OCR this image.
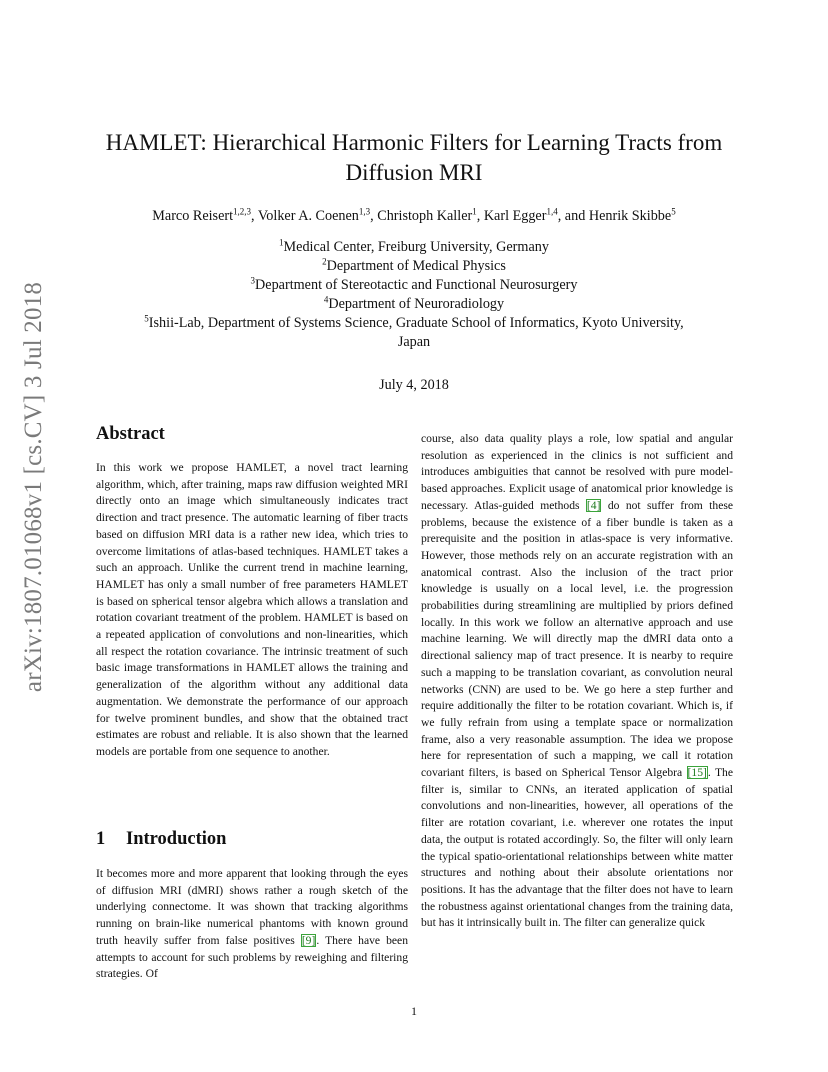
arXiv:1807.01068v1 [cs.CV] 3 Jul 2018
HAMLET: Hierarchical Harmonic Filters for Learning Tracts from
Diffusion MRI
Marco Reisert$^{1,2,3}$, Volker A. Coenen$^{1,3}$, Christoph Kaller$^1$, Karl Egger$^{1,4}$, and Henrik Skibbe$^5$
$^1$Medical Center, Freiburg University, Germany
$^2$Department of Medical Physics
$^3$Department of Stereotactic and Functional Neurosurgery
$^4$Department of Neuroradiology
$^5$Ishii-Lab, Department of Systems Science, Graduate School of Informatics, Kyoto University,
Japan
July 4, 2018
Abstract
In this work we propose HAMLET, a novel tract learning algorithm, which, after training, maps raw diffusion weighted MRI directly onto an image which simultaneously indicates tract direction and tract presence. The automatic learning of fiber tracts based on diffusion MRI data is a rather new idea, which tries to overcome limitations of atlas-based techniques. HAMLET takes a such an approach. Unlike the current trend in machine learning, HAMLET has only a small number of free parameters HAMLET is based on spherical tensor algebra which allows a translation and rotation covariant treatment of the problem. HAMLET is based on a repeated application of convolutions and non-linearities, which all respect the rotation covariance. The intrinsic treatment of such basic image transformations in HAMLET allows the training and generalization of the algorithm without any additional data augmentation. We demonstrate the performance of our approach for twelve prominent bundles, and show that the obtained tract estimates are robust and reliable. It is also shown that the learned models are portable from one sequence to another.
1 Introduction
It becomes more and more apparent that looking through the eyes of diffusion MRI (dMRI) shows rather a rough sketch of the underlying connectome. It was shown that tracking algorithms running on brain-like numerical phantoms with known ground truth heavily suffer from false positives [9]. There have been attempts to account for such problems by reweighing and filtering strategies. Of
course, also data quality plays a role, low spatial and angular resolution as experienced in the clinics is not sufficient and introduces ambiguities that cannot be resolved with pure model-based approaches. Explicit usage of anatomical prior knowledge is necessary. Atlas-guided methods [4] do not suffer from these problems, because the existence of a fiber bundle is taken as a prerequisite and the position in atlas-space is very informative. However, those methods rely on an accurate registration with an anatomical contrast. Also the inclusion of the tract prior knowledge is usually on a local level, i.e. the progression probabilities during streamlining are multiplied by priors defined locally. In this work we follow an alternative approach and use machine learning. We will directly map the dMRI data onto a directional saliency map of tract presence. It is nearby to require such a mapping to be translation covariant, as convolution neural networks (CNN) are used to be. We go here a step further and require additionally the filter to be rotation covariant. Which is, if we fully refrain from using a template space or normalization frame, also a very reasonable assumption. The idea we propose here for representation of such a mapping, we call it rotation covariant filters, is based on Spherical Tensor Algebra [15]. The filter is, similar to CNNs, an iterated application of spatial convolutions and non-linearities, however, all operations of the filter are rotation covariant, i.e. wherever one rotates the input data, the output is rotated accordingly. So, the filter will only learn the typical spatio-orientational relationships between white matter structures and nothing about their absolute orientations nor positions. It has the advantage that the filter does not have to learn the robustness against orientational changes from the training data, but has it intrinsically built in. The filter can generalize quick
1
